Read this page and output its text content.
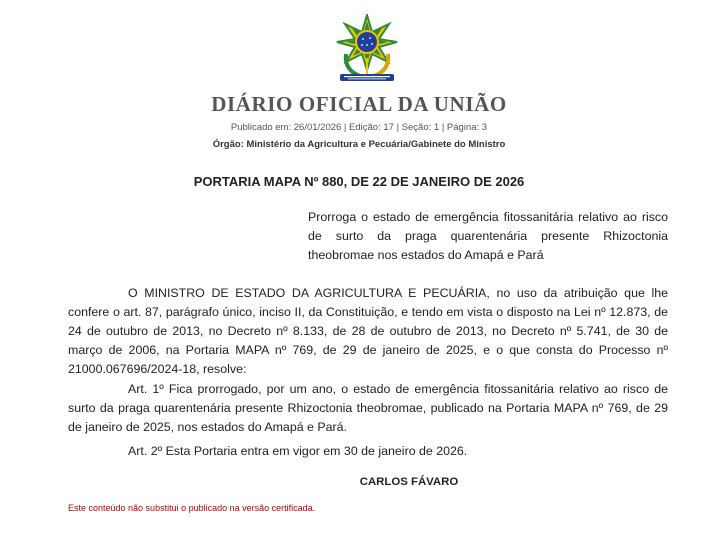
DIÁRIO OFICIAL DA UNIÃO
Publicado em: 26/01/2026 | Edição: 17 | Seção: 1 | Página: 3
Órgão: Ministério da Agricultura e Pecuária/Gabinete do Ministro
PORTARIA MAPA Nº 880, DE 22 DE JANEIRO DE 2026
Prorroga o estado de emergência fitossanitária relativo ao risco de surto da praga quarentenária presente Rhizoctonia theobromae nos estados do Amapá e Pará

O MINISTRO DE ESTADO DA AGRICULTURA E PECUÁRIA, no uso da atribuição que lhe confere o art. 87, parágrafo único, inciso II, da Constituição, e tendo em vista o disposto na Lei nº 12.873, de 24 de outubro de 2013, no Decreto nº 8.133, de 28 de outubro de 2013, no Decreto nº 5.741, de 30 de março de 2006, na Portaria MAPA nº 769, de 29 de janeiro de 2025, e o que consta do Processo nº 21000.067696/2024-18, resolve:

Art. 1º Fica prorrogado, por um ano, o estado de emergência fitossanitária relativo ao risco de surto da praga quarentenária presente Rhizoctonia theobromae, publicado na Portaria MAPA nº 769, de 29 de janeiro de 2025, nos estados do Amapá e Pará.

Art. 2º Esta Portaria entra em vigor em 30 de janeiro de 2026.

CARLOS FÁVARO
Este conteúdo não substitui o publicado na versão certificada.
